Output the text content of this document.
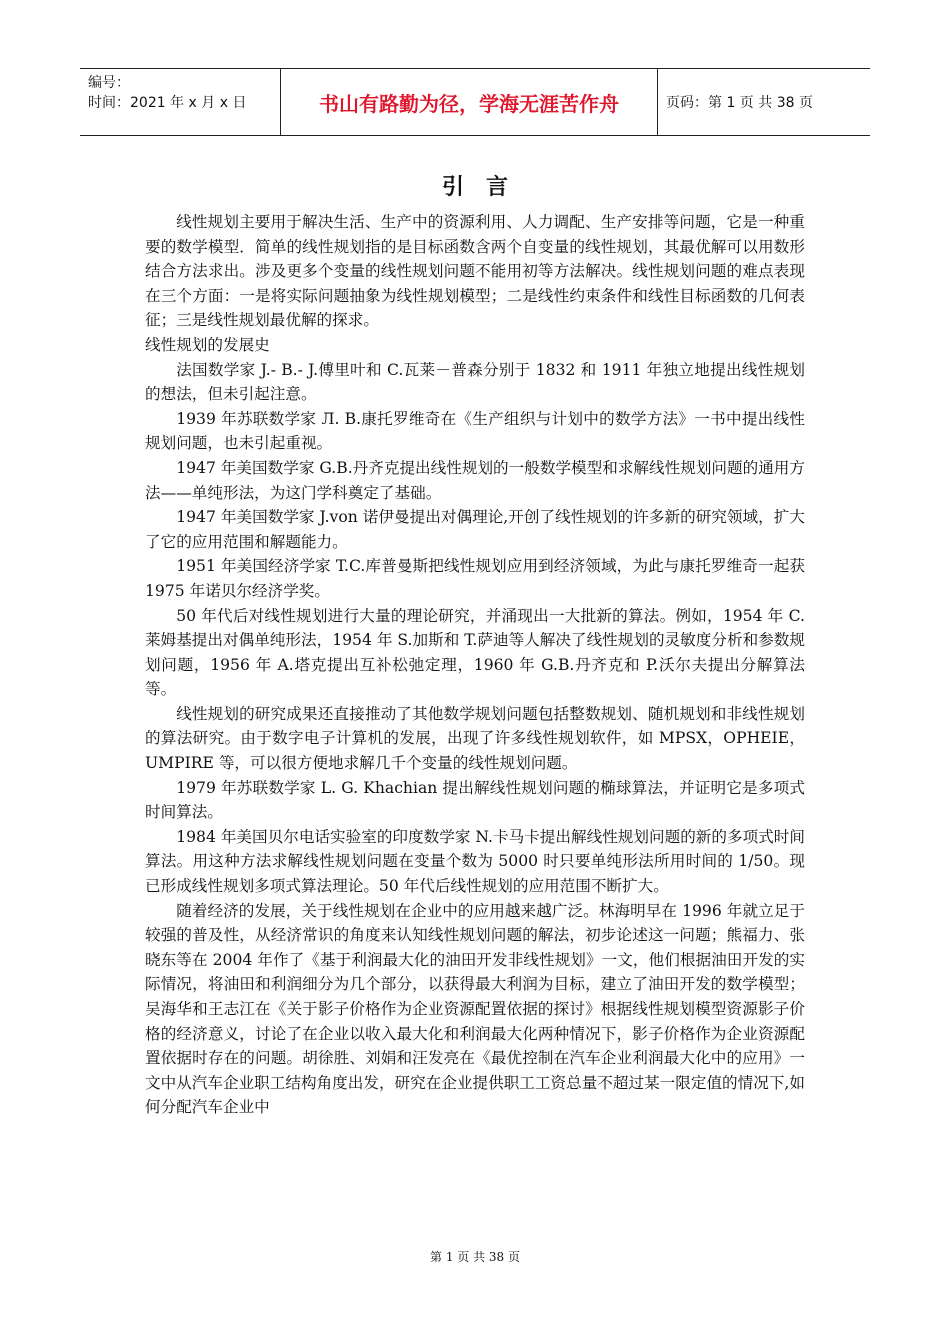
编号：
时间：2021 年 x 月 x 日	书山有路勤为径，学海无涯苦作舟	页码：第 1 页 共 38 页
引　言

线性规划主要用于解决生活、生产中的资源利用、人力调配、生产安排等问题，它是一种重要的数学模型．简单的线性规划指的是目标函数含两个自变量的线性规划，其最优解可以用数形结合方法求出。涉及更多个变量的线性规划问题不能用初等方法解决。线性规划问题的难点表现在三个方面：一是将实际问题抽象为线性规划模型；二是线性约束条件和线性目标函数的几何表征；三是线性规划最优解的探求。

线性规划的发展史

法国数学家 J.- B.- J.傅里叶和 C.瓦莱－普森分别于 1832 和 1911 年独立地提出线性规划的想法，但未引起注意。

1939 年苏联数学家 Л. В.康托罗维奇在《生产组织与计划中的数学方法》一书中提出线性规划问题，也未引起重视。

1947 年美国数学家 G.B.丹齐克提出线性规划的一般数学模型和求解线性规划问题的通用方法——单纯形法，为这门学科奠定了基础。

1947 年美国数学家 J.von 诺伊曼提出对偶理论,开创了线性规划的许多新的研究领域，扩大了它的应用范围和解题能力。

1951 年美国经济学家 T.C.库普曼斯把线性规划应用到经济领域，为此与康托罗维奇一起获 1975 年诺贝尔经济学奖。

50 年代后对线性规划进行大量的理论研究，并涌现出一大批新的算法。例如，1954 年 C.莱姆基提出对偶单纯形法，1954 年 S.加斯和 T.萨迪等人解决了线性规划的灵敏度分析和参数规划问题，1956 年 A.塔克提出互补松弛定理，1960 年 G.B.丹齐克和 P.沃尔夫提出分解算法等。

线性规划的研究成果还直接推动了其他数学规划问题包括整数规划、随机规划和非线性规划的算法研究。由于数字电子计算机的发展，出现了许多线性规划软件，如 MPSX，OPHEIE，UMPIRE 等，可以很方便地求解几千个变量的线性规划问题。

1979 年苏联数学家 L. G. Khachian 提出解线性规划问题的椭球算法，并证明它是多项式时间算法。

1984 年美国贝尔电话实验室的印度数学家 N.卡马卡提出解线性规划问题的新的多项式时间算法。用这种方法求解线性规划问题在变量个数为 5000 时只要单纯形法所用时间的 1/50。现已形成线性规划多项式算法理论。50 年代后线性规划的应用范围不断扩大。

随着经济的发展，关于线性规划在企业中的应用越来越广泛。林海明早在 1996 年就立足于较强的普及性，从经济常识的角度来认知线性规划问题的解法，初步论述这一问题；熊福力、张晓东等在 2004 年作了《基于利润最大化的油田开发非线性规划》一文，他们根据油田开发的实际情况，将油田和利润细分为几个部分，以获得最大利润为目标，建立了油田开发的数学模型；吴海华和王志江在《关于影子价格作为企业资源配置依据的探讨》根据线性规划模型资源影子价格的经济意义，讨论了在企业以收入最大化和利润最大化两种情况下，影子价格作为企业资源配置依据时存在的问题。胡徐胜、刘娟和汪发亮在《最优控制在汽车企业利润最大化中的应用》一文中从汽车企业职工结构角度出发，研究在企业提供职工工资总量不超过某一限定值的情况下,如何分配汽车企业中

第 1 页 共 38 页
